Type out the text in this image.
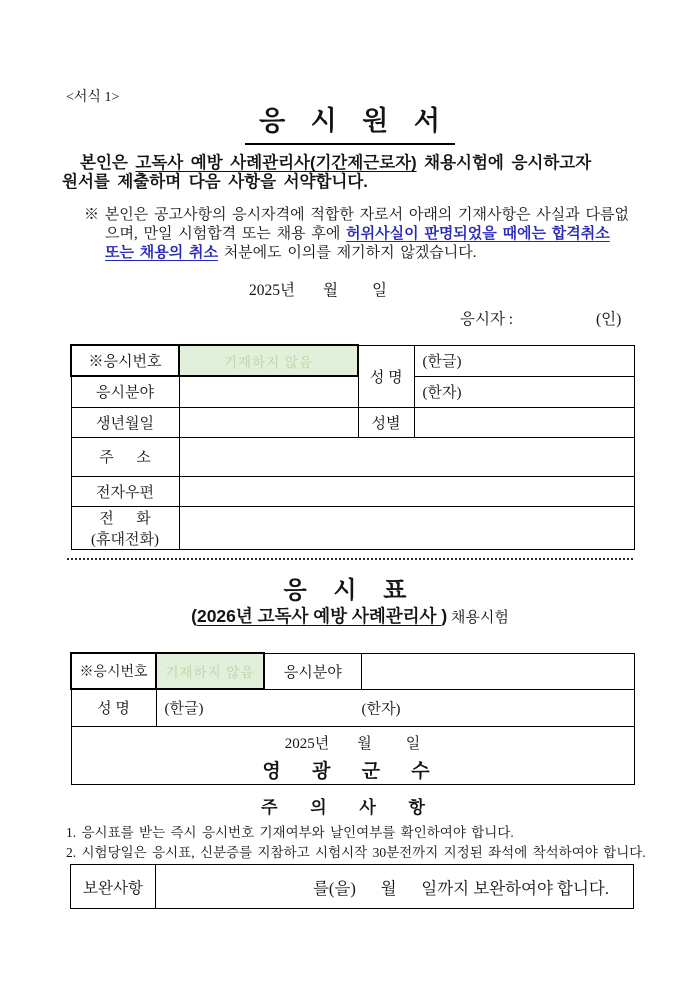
<서식 1>
응 시 원 서
본인은 고독사 예방 사례관리사(기간제근로자) 채용시험에 응시하고자
원서를 제출하며 다음 사항을 서약합니다.
※ 본인은 공고사항의 응시자격에 적합한 자로서 아래의 기재사항은 사실과 다름없
으며, 만일 시험합격 또는 채용 후에 허위사실이 판명되었을 때에는 합격취소
또는 채용의 취소 처분에도 이의를 제기하지 않겠습니다.
2025년 월 일
응시자 :	(인)
※응시번호	기재하지 않음	성 명	(한글)
응시분야			(한자)
생년월일		성별	
주      소			
전자우편			

전      화
(휴대전화)			

응 시 표
(2026년 고독사 예방 사례관리사 ) 채용시험
※응시번호	기재하지 않음	응시분야	
성 명	(한글) (한자)		

2025년 월 일
영 광 군 수			
주 의 사 항
1. 응시표를 받는 즉시 응시번호 기재여부와 날인여부를 확인하여야 합니다.
2. 시험당일은 응시표, 신분증를 지참하고 시험시작 30분전까지 지정된 좌석에 착석하여야 합니다.
보완사항	를(을)      월      일까지 보완하여야 합니다.
